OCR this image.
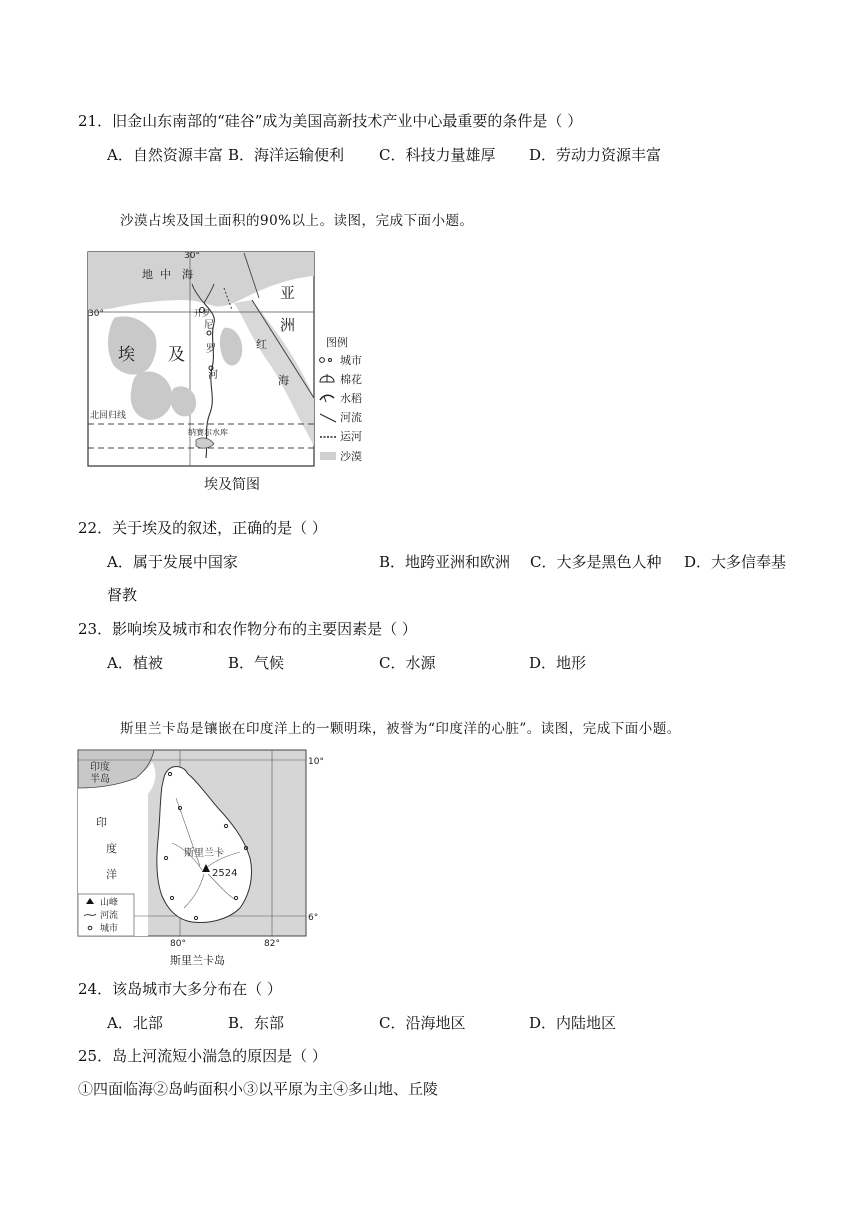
21．旧金山东南部的“硅谷”成为美国高新技术产业中心最重要的条件是（ ）
A．自然资源丰富 B．海洋运输便利 C．科技力量雄厚 D．劳动力资源丰富
沙漠占埃及国土面积的90%以上。读图，完成下面小题。
30°
30°
地 中 海
亚
洲
开罗
尼
罗
河
红
海
埃 及
北回归线
纳赛尔水库
图例
城市
棉花
水稻
河流
运河
沙漠
埃及简图
22．关于埃及的叙述，正确的是（ ）
A．属于发展中国家	B．地跨亚洲和欧洲 C．大多是黑色人种 D．大多信奉基
督教
23．影响埃及城市和农作物分布的主要因素是（ ）
A．植被	B．气候	C．水源	D．地形
斯里兰卡岛是镶嵌在印度洋上的一颗明珠，被誉为“印度洋的心脏”。读图，完成下面小题。
印度
半岛
印
度
洋
斯里兰卡
2524
10°
6°
80°	82°
山峰
河流
城市
斯里兰卡岛
24．该岛城市大多分布在（ ）
A．北部	B．东部	C．沿海地区	D．内陆地区
25．岛上河流短小湍急的原因是（ ）
①四面临海②岛屿面积小③以平原为主④多山地、丘陵
